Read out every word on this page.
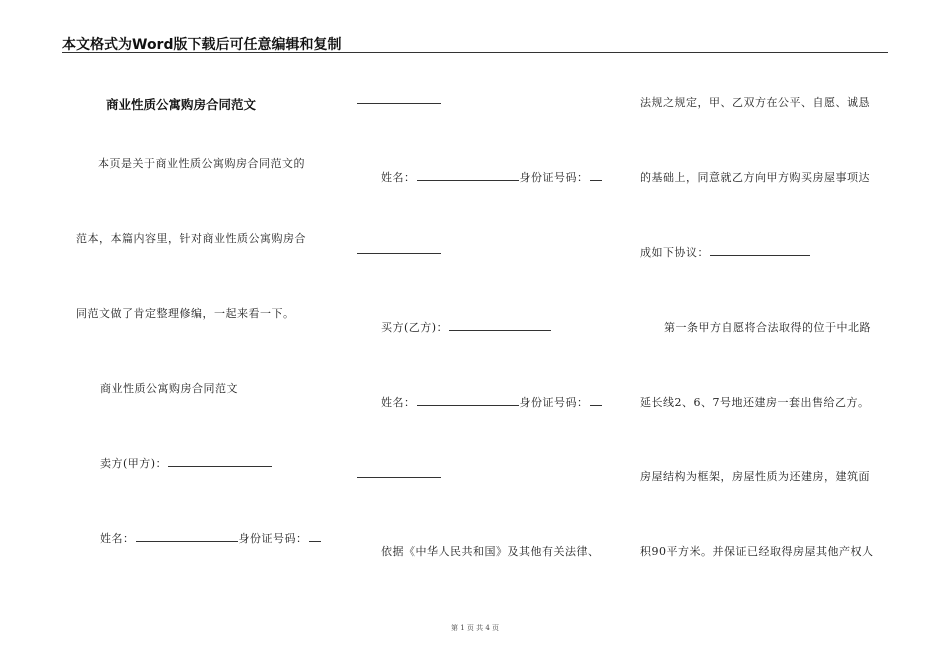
本文格式为Word版下载后可任意编辑和复制
商业性质公寓购房合同范文
本页是关于商业性质公寓购房合同范文的
范本，本篇内容里，针对商业性质公寓购房合
同范文做了肯定整理修编，一起来看一下。
商业性质公寓购房合同范文
卖方(甲方)：
姓名：	身份证号码：
姓名：	身份证号码：
买方(乙方)：
姓名：	身份证号码：
依据《中华人民共和国》及其他有关法律、
法规之规定，甲、乙双方在公平、自愿、诚恳
的基础上，同意就乙方向甲方购买房屋事项达
成如下协议：
第一条甲方自愿将合法取得的位于中北路
延长线2、6、7号地还建房一套出售给乙方。
房屋结构为框架，房屋性质为还建房，建筑面
积90平方米。并保证已经取得房屋其他产权人
第 1 页 共 4 页
